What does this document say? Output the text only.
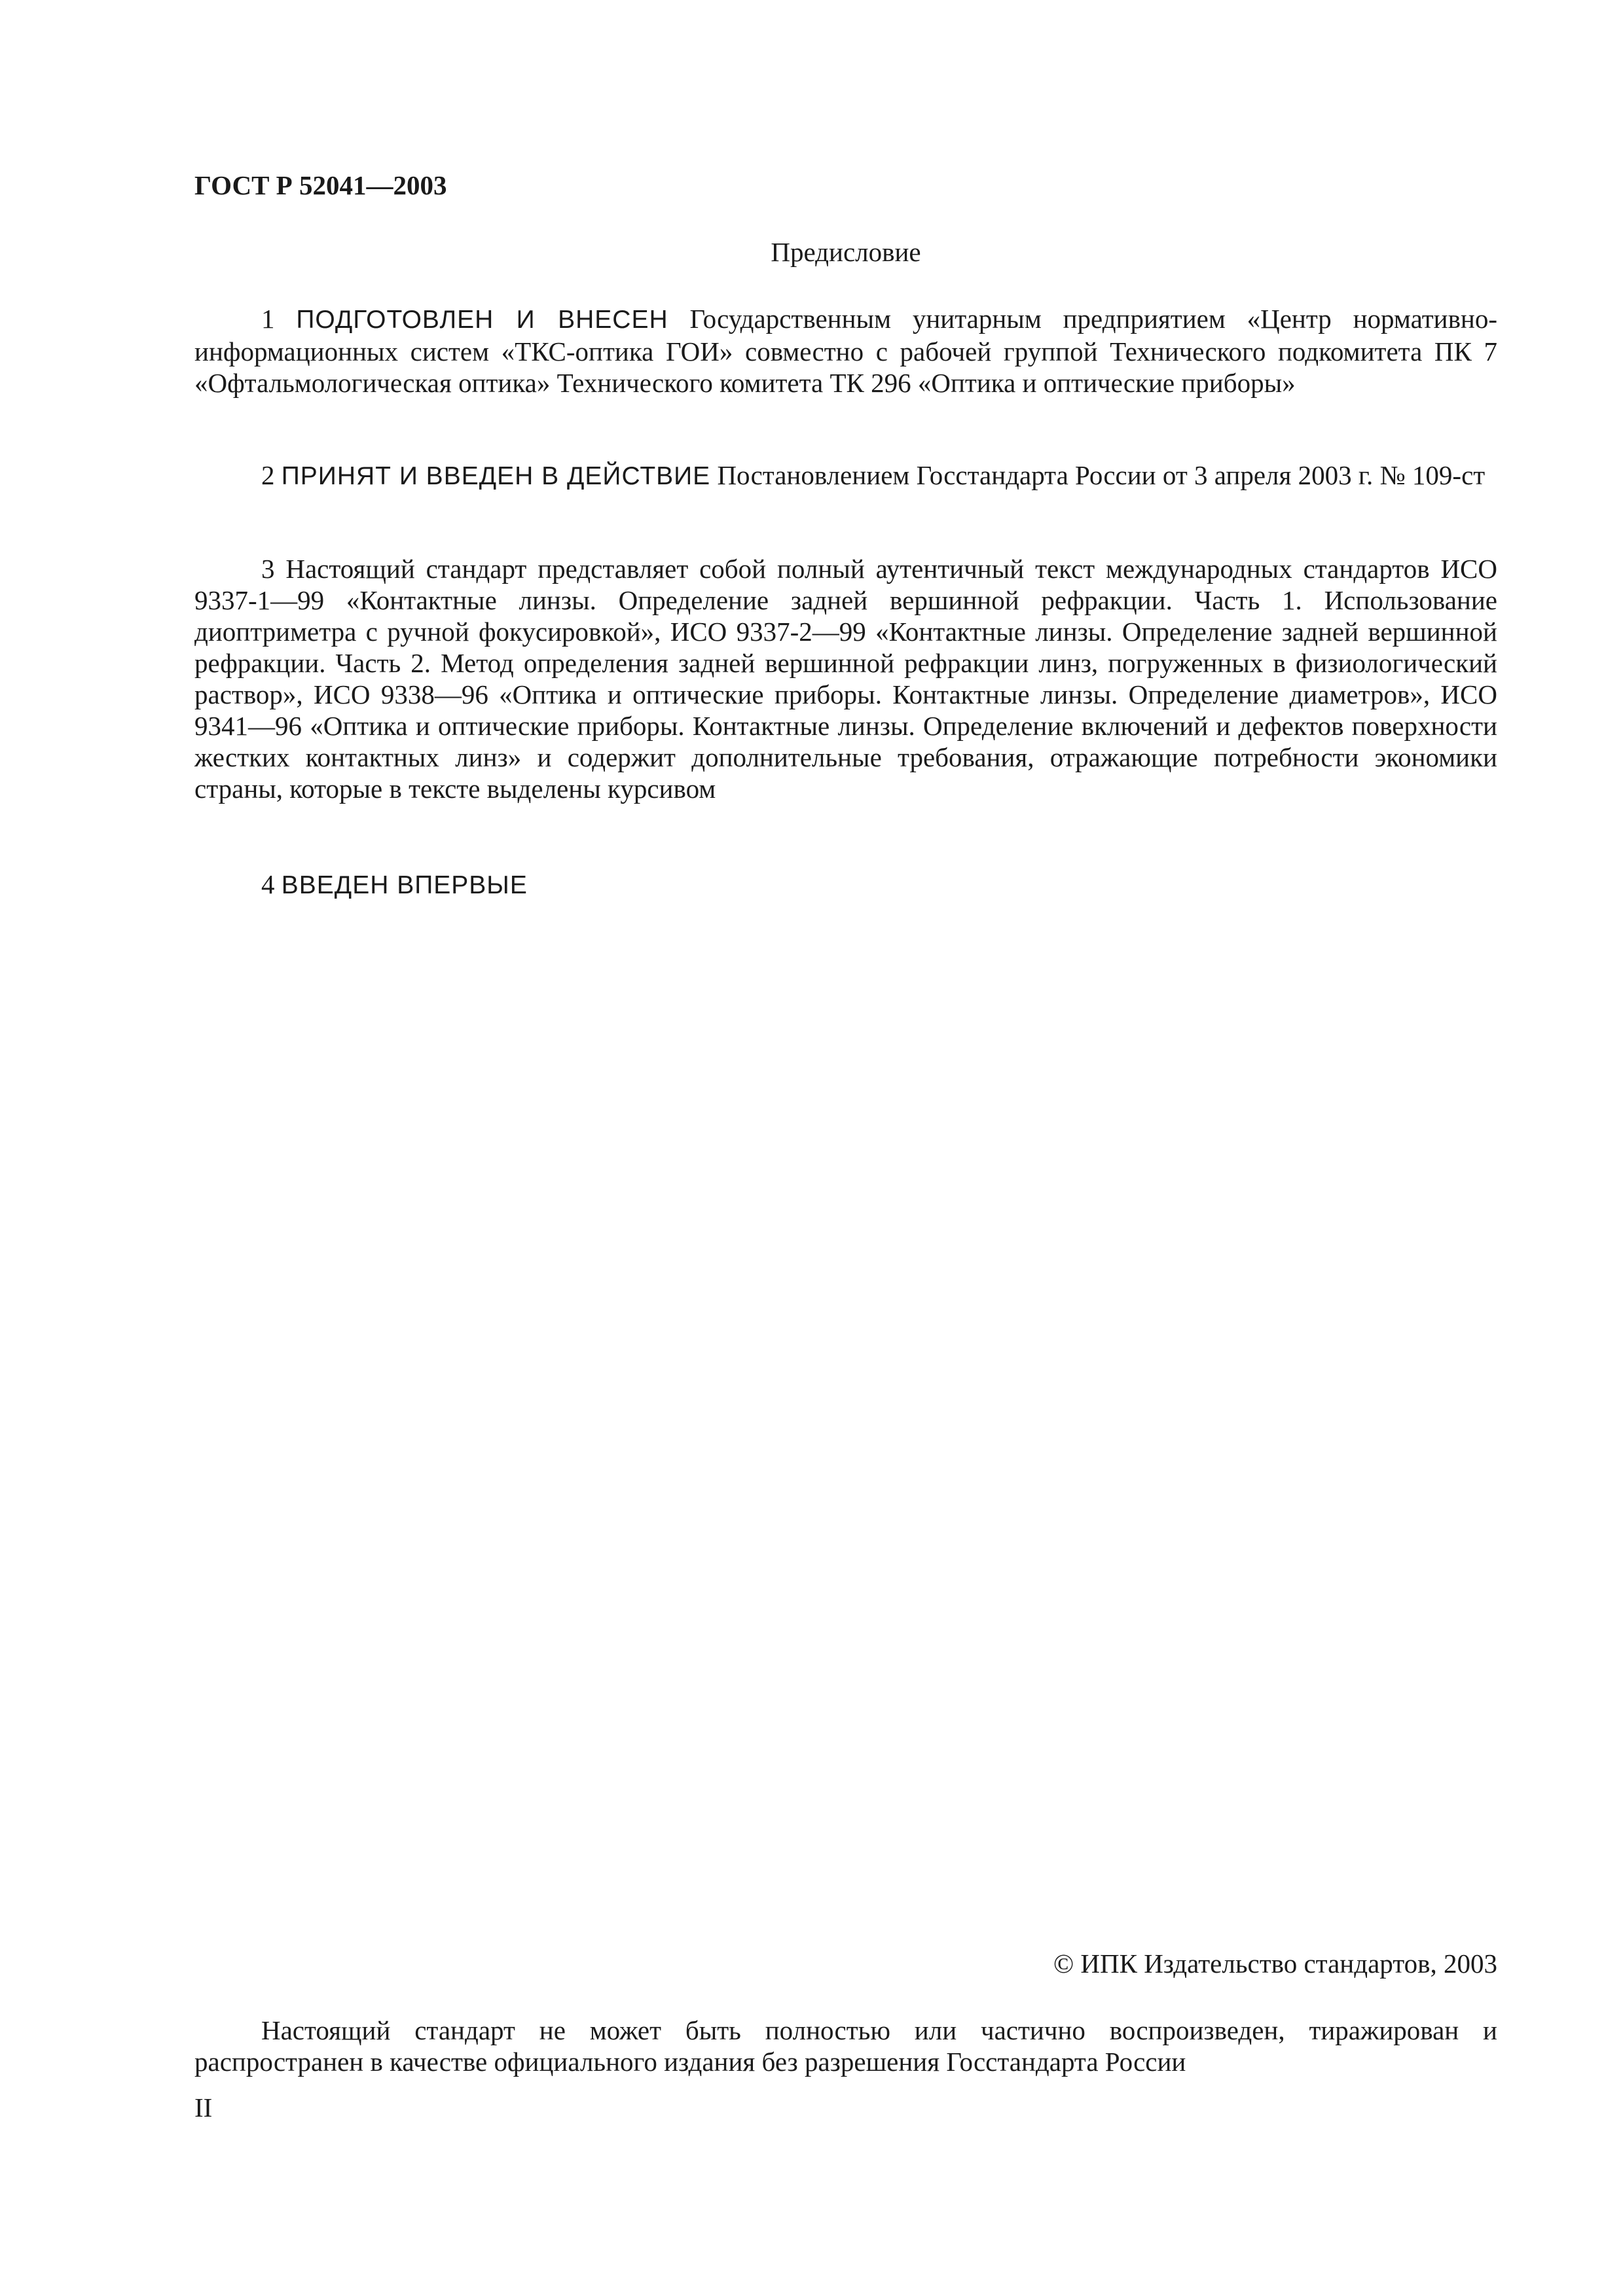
ГОСТ Р 52041—2003

Предисловие

1 ПОДГОТОВЛЕН И ВНЕСЕН Государственным унитарным предприятием «Центр нормативно-информационных систем «ТКС-оптика ГОИ» совместно с рабочей группой Технического подкомитета ПК 7 «Офтальмологическая оптика» Технического комитета ТК 296 «Оптика и оптические приборы»

2 ПРИНЯТ И ВВЕДЕН В ДЕЙСТВИЕ Постановлением Госстандарта России от 3 апреля 2003 г. № 109-ст

3 Настоящий стандарт представляет собой полный аутентичный текст международных стандартов ИСО 9337-1—99 «Контактные линзы. Определение задней вершинной рефракции. Часть 1. Использование диоптриметра с ручной фокусировкой», ИСО 9337-2—99 «Контактные линзы. Определение задней вершинной рефракции. Часть 2. Метод определения задней вершинной рефракции линз, погруженных в физиологический раствор», ИСО 9338—96 «Оптика и оптические приборы. Контактные линзы. Определение диаметров», ИСО 9341—96 «Оптика и оптические приборы. Контактные линзы. Определение включений и дефектов поверхности жестких контактных линз» и содержит дополнительные требования, отражающие потребности экономики страны, которые в тексте выделены курсивом

4 ВВЕДЕН ВПЕРВЫЕ

© ИПК Издательство стандартов, 2003

Настоящий стандарт не может быть полностью или частично воспроизведен, тиражирован и распространен в качестве официального издания без разрешения Госстандарта России

II
